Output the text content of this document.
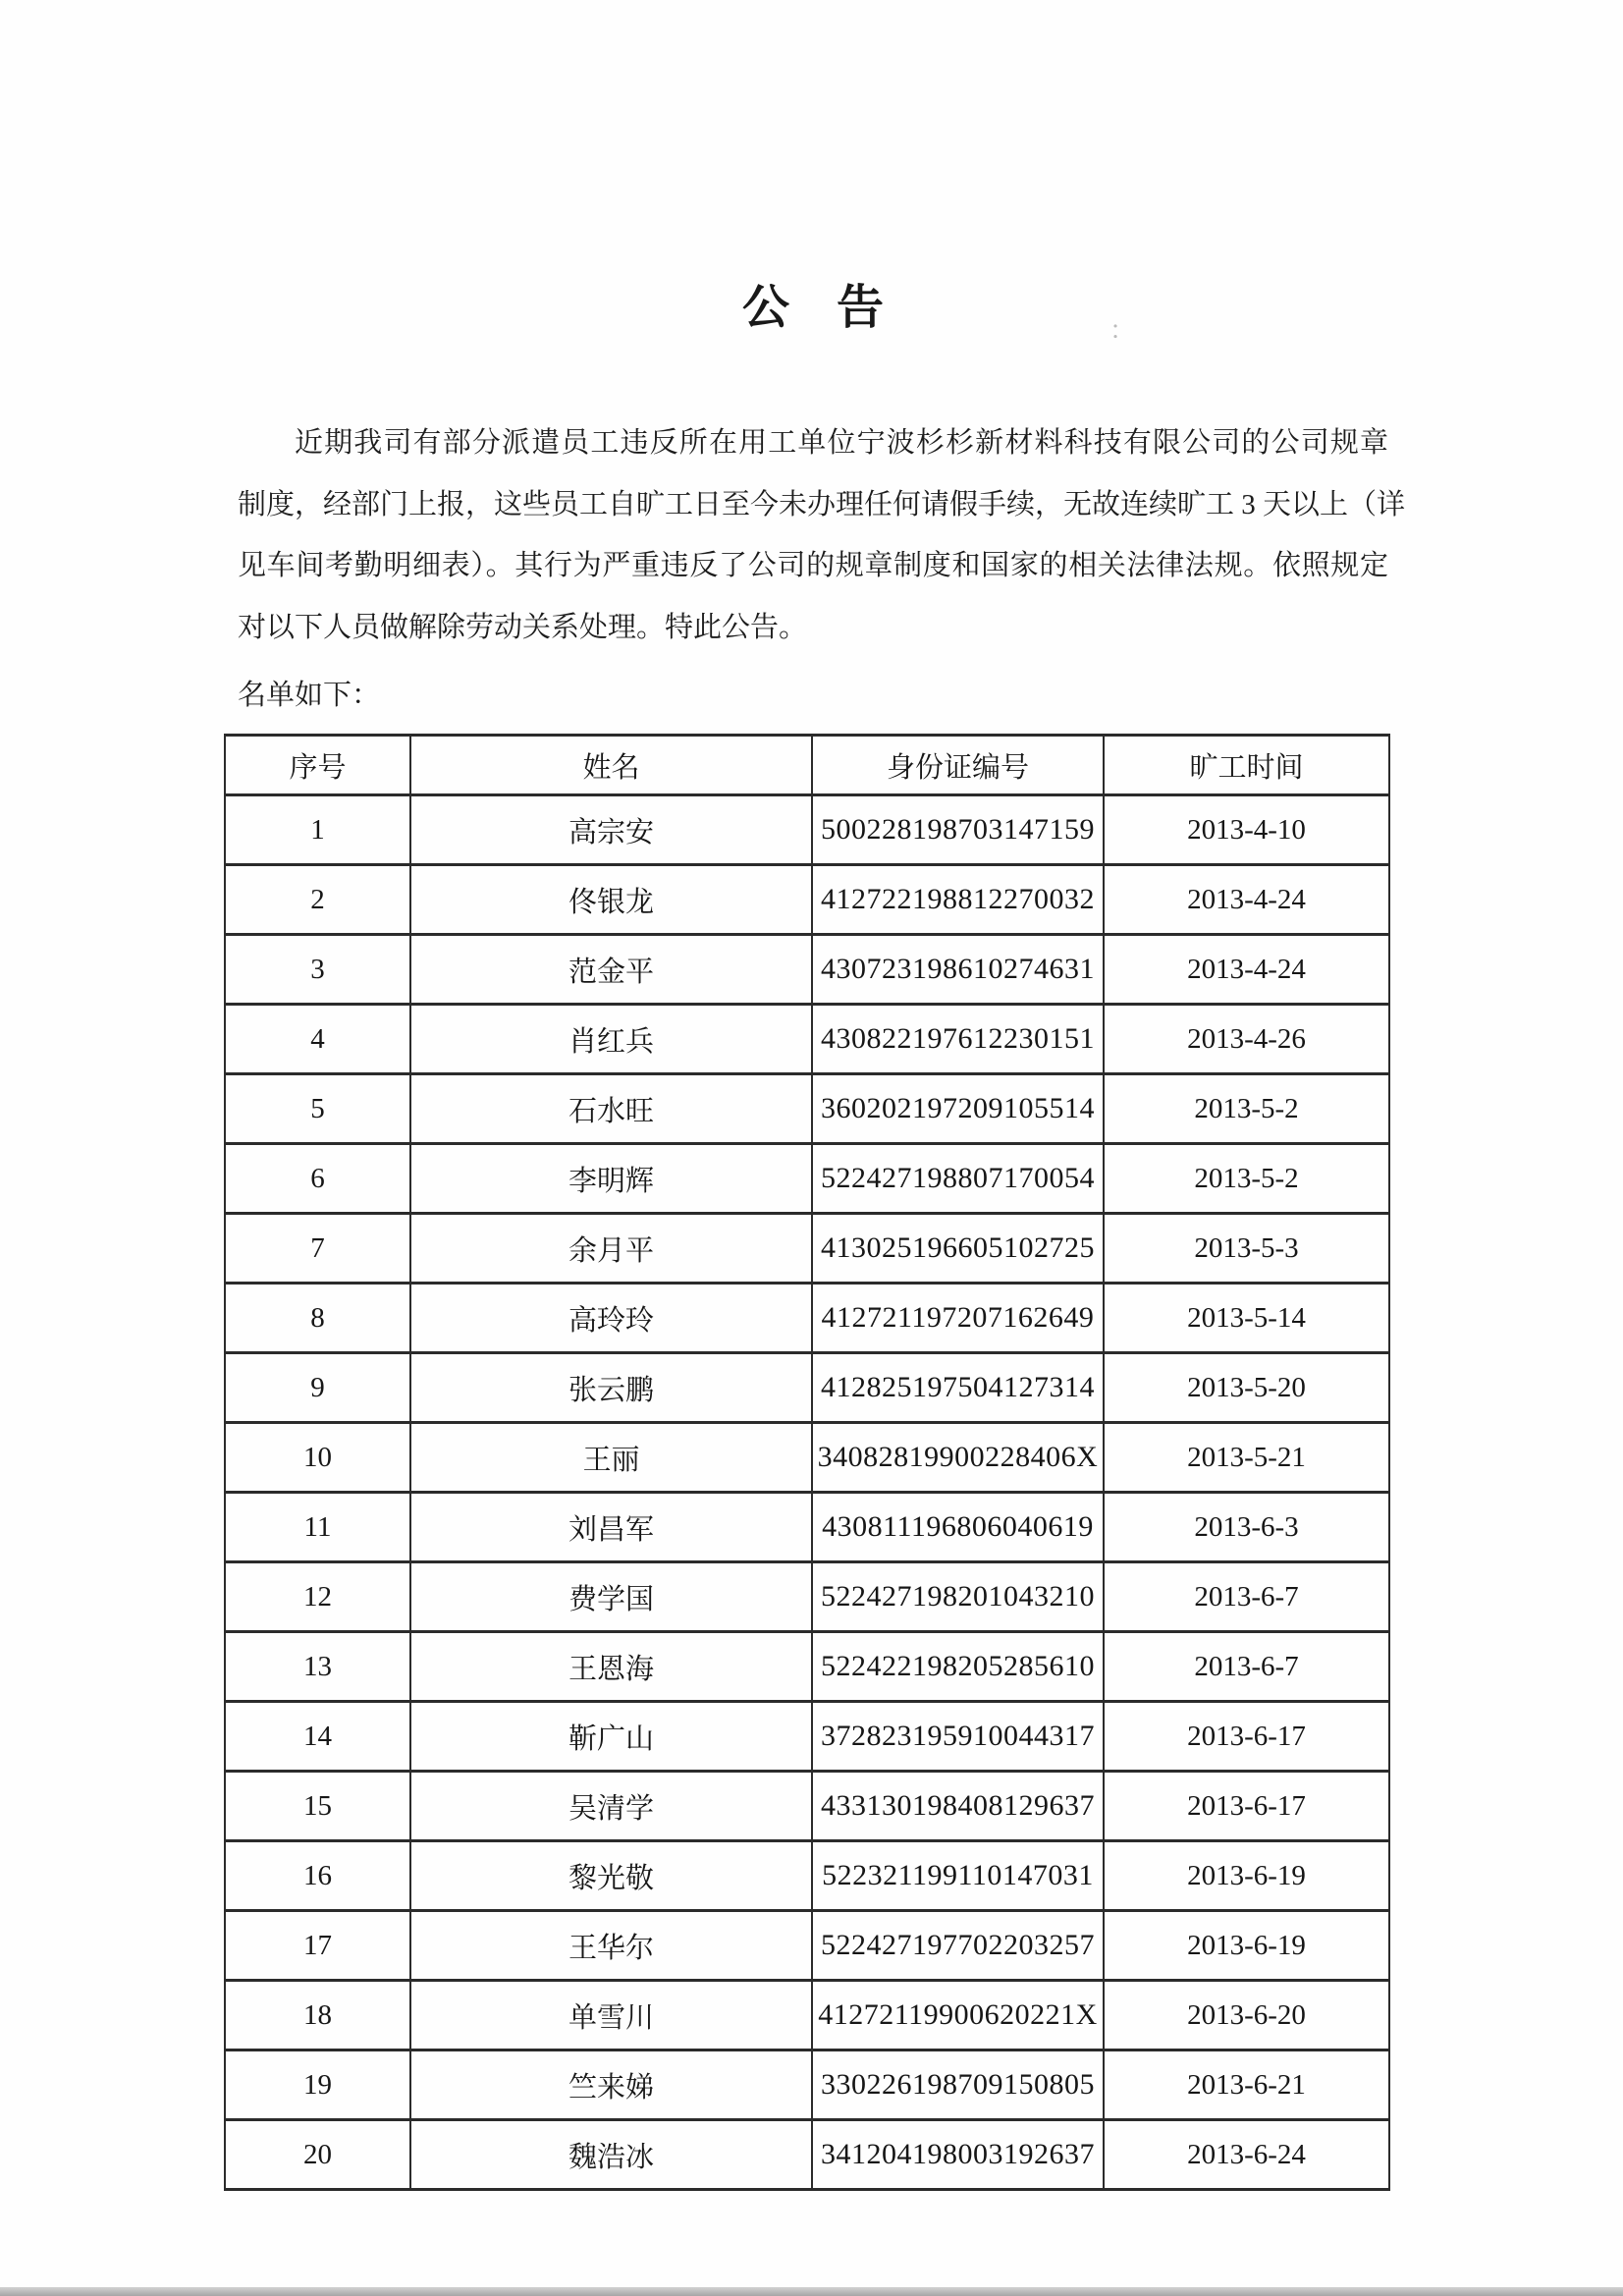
公　告	：
近期我司有部分派遣员工违反所在用工单位宁波杉杉新材料科技有限公司的公司规章
制度，经部门上报，这些员工自旷工日至今未办理任何请假手续，无故连续旷工 3 天以上（详
见车间考勤明细表）。其行为严重违反了公司的规章制度和国家的相关法律法规。依照规定
对以下人员做解除劳动关系处理。特此公告。
名单如下：
序号	姓名	身份证编号	旷工时间
1	高宗安	500228198703147159	2013-4-10
2	佟银龙	412722198812270032	2013-4-24
3	范金平	430723198610274631	2013-4-24
4	肖红兵	430822197612230151	2013-4-26
5	石水旺	360202197209105514	2013-5-2
6	李明辉	522427198807170054	2013-5-2
7	余月平	413025196605102725	2013-5-3
8	高玲玲	412721197207162649	2013-5-14
9	张云鹏	412825197504127314	2013-5-20
10	王丽	34082819900228406X	2013-5-21
11	刘昌军	430811196806040619	2013-6-3
12	费学国	522427198201043210	2013-6-7
13	王恩海	522422198205285610	2013-6-7
14	靳广山	372823195910044317	2013-6-17
15	吴清学	433130198408129637	2013-6-17
16	黎光敬	522321199110147031	2013-6-19
17	王华尔	522427197702203257	2013-6-19
18	单雪川	41272119900620221X	2013-6-20
19	竺来娣	330226198709150805	2013-6-21
20	魏浩冰	341204198003192637	2013-6-24
